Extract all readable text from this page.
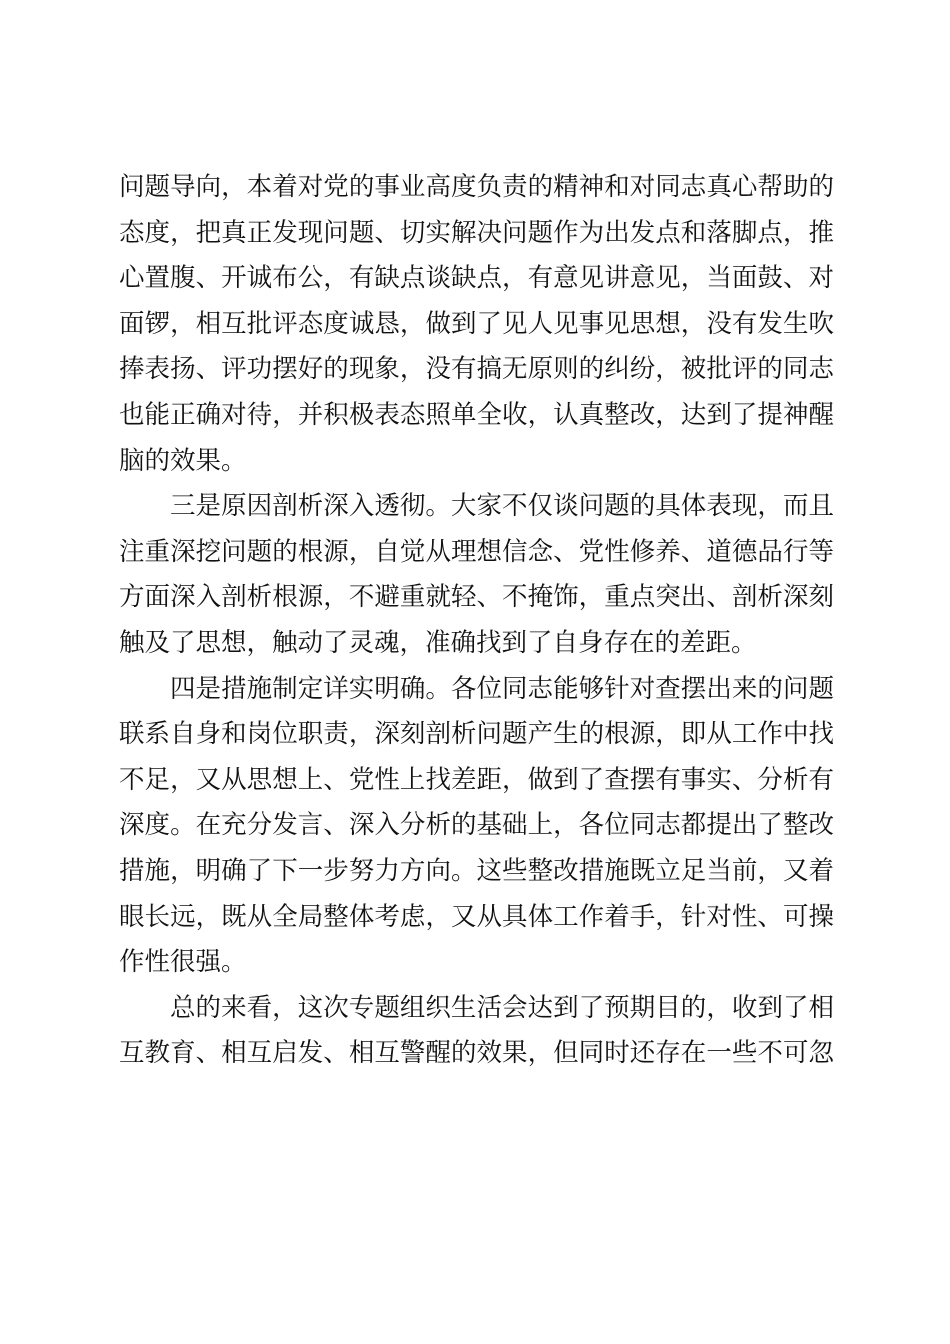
问题导向，本着对党的事业高度负责的精神和对同志真心帮助的
态度，把真正发现问题、切实解决问题作为出发点和落脚点，推
心置腹、开诚布公，有缺点谈缺点，有意见讲意见，当面鼓、对
面锣，相互批评态度诚恳，做到了见人见事见思想，没有发生吹
捧表扬、评功摆好的现象，没有搞无原则的纠纷，被批评的同志
也能正确对待，并积极表态照单全收，认真整改，达到了提神醒
脑的效果。
三是原因剖析深入透彻。大家不仅谈问题的具体表现，而且
注重深挖问题的根源，自觉从理想信念、党性修养、道德品行等
方面深入剖析根源，不避重就轻、不掩饰，重点突出、剖析深刻
触及了思想，触动了灵魂，准确找到了自身存在的差距。
四是措施制定详实明确。各位同志能够针对查摆出来的问题
联系自身和岗位职责，深刻剖析问题产生的根源，即从工作中找
不足，又从思想上、党性上找差距，做到了查摆有事实、分析有
深度。在充分发言、深入分析的基础上，各位同志都提出了整改
措施，明确了下一步努力方向。这些整改措施既立足当前，又着
眼长远，既从全局整体考虑，又从具体工作着手，针对性、可操
作性很强。
总的来看，这次专题组织生活会达到了预期目的，收到了相
互教育、相互启发、相互警醒的效果，但同时还存在一些不可忽
